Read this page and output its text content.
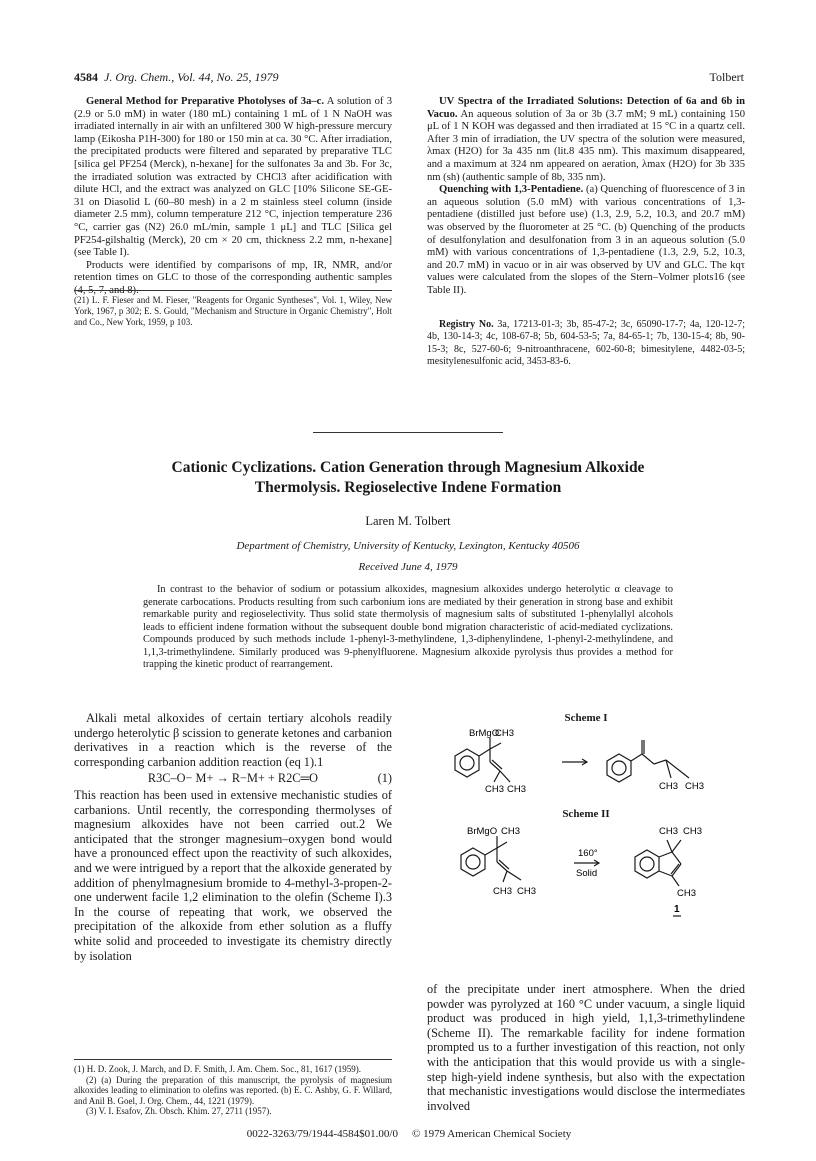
4584 J. Org. Chem., Vol. 44, No. 25, 1979	Tolbert

General Method for Preparative Photolyses of 3a–c. A solution of 3 (2.9 or 5.0 mM) in water (180 mL) containing 1 mL of 1 N NaOH was irradiated internally in air with an unfiltered 300 W high-pressure mercury lamp (Eikosha P1H-300) for 180 or 150 min at ca. 30 °C. After irradiation, the precipitated products were filtered and separated by preparative TLC [silica gel PF254 (Merck), n-hexane] for the sulfonates 3a and 3b. For 3c, the irradiated solution was extracted by CHCl3 after acidification with dilute HCl, and the extract was analyzed on GLC [10% Silicone SE-GE-31 on Diasolid L (60–80 mesh) in a 2 m stainless steel column (inside diameter 2.5 mm), column temperature 212 °C, injection temperature 236 °C, carrier gas (N2) 26.0 mL/min, sample 1 μL] and TLC [Silica gel PF254-gilshaltig (Merck), 20 cm × 20 cm, thickness 2.2 mm, n-hexane] (see Table I).

Products were identified by comparisons of mp, IR, NMR, and/or retention times on GLC to those of the corresponding authentic samples (4, 5, 7, and 8).

(21) L. F. Fieser and M. Fieser, "Reagents for Organic Syntheses", Vol. 1, Wiley, New York, 1967, p 302; E. S. Gould, "Mechanism and Structure in Organic Chemistry", Holt and Co., New York, 1959, p 103.

UV Spectra of the Irradiated Solutions: Detection of 6a and 6b in Vacuo. An aqueous solution of 3a or 3b (3.7 mM; 9 mL) containing 150 μL of 1 N KOH was degassed and then irradiated at 15 °C in a quartz cell. After 3 min of irradiation, the UV spectra of the solution were measured, λmax (H2O) for 3a 435 nm (lit.8 435 nm). This maximum disappeared, and a maximum at 324 nm appeared on aeration, λmax (H2O) for 3b 335 nm (sh) (authentic sample of 8b, 335 nm).

Quenching with 1,3-Pentadiene. (a) Quenching of fluorescence of 3 in an aqueous solution (5.0 mM) with various concentrations of 1,3-pentadiene (distilled just before use) (1.3, 2.9, 5.2, 10.3, and 20.7 mM) was observed by the fluorometer at 25 °C. (b) Quenching of the products of desulfonylation and desulfonation from 3 in an aqueous solution (5.0 mM) with various concentrations of 1,3-pentadiene (1.3, 2.9, 5.2, 10.3, and 20.7 mM) in vacuo or in air was observed by UV and GLC. The kqτ values were calculated from the slopes of the Stern–Volmer plots16 (see Table II).

Registry No. 3a, 17213-01-3; 3b, 85-47-2; 3c, 65090-17-7; 4a, 120-12-7; 4b, 130-14-3; 4c, 108-67-8; 5b, 604-53-5; 7a, 84-65-1; 7b, 130-15-4; 8b, 90-15-3; 8c, 527-60-6; 9-nitroanthracene, 602-60-8; bimesitylene, 4482-03-5; mesitylenesulfonic acid, 3453-83-6.
Cationic Cyclizations. Cation Generation through Magnesium Alkoxide
Thermolysis. Regioselective Indene Formation
Laren M. Tolbert
Department of Chemistry, University of Kentucky, Lexington, Kentucky 40506
Received June 4, 1979
In contrast to the behavior of sodium or potassium alkoxides, magnesium alkoxides undergo heterolytic α cleavage to generate carbocations. Products resulting from such carbonium ions are mediated by their generation in strong base and exhibit remarkable purity and regioselectivity. Thus solid state thermolysis of magnesium salts of substituted 1-phenylallyl alcohols leads to efficient indene formation without the subsequent double bond migration characteristic of acid-mediated cyclizations. Compounds produced by such methods include 1-phenyl-3-methylindene, 1,3-diphenylindene, 1-phenyl-2-methylindene, and 1,1,3-trimethylindene. Similarly produced was 9-phenylfluorene. Magnesium alkoxide pyrolysis thus provides a method for trapping the kinetic product of rearrangement.

Alkali metal alkoxides of certain tertiary alcohols readily undergo heterolytic β scission to generate ketones and carbanion derivatives in a reaction which is the reverse of the corresponding carbanion addition reaction (eq 1).1

R3C–O− M+ → R−M+ + R2C═O	(1)

This reaction has been used in extensive mechanistic studies of carbanions. Until recently, the corresponding thermolyses of magnesium alkoxides have not been carried out.2 We anticipated that the stronger magnesium–oxygen bond would have a pronounced effect upon the reactivity of such alkoxides, and we were intrigued by a report that the alkoxide generated by addition of phenylmagnesium bromide to 4-methyl-3-propen-2-one underwent facile 1,2 elimination to the olefin (Scheme I).3 In the course of repeating that work, we observed the precipitation of the alkoxide from ether solution as a fluffy white solid and proceeded to investigate its chemistry directly by isolation

(1) H. D. Zook, J. March, and D. F. Smith, J. Am. Chem. Soc., 81, 1617 (1959).
(2) (a) During the preparation of this manuscript, the pyrolysis of magnesium alkoxides leading to elimination to olefins was reported. (b) E. C. Ashby, G. F. Willard, and Anil B. Goel, J. Org. Chem., 44, 1221 (1979).
(3) V. I. Esafov, Zh. Obsch. Khim. 27, 2711 (1957).
Scheme I
BrMgO
CH3
CH3 CH3	CH3 CH3
Scheme II
BrMgO CH3
CH3 CH3
160°
Solid
CH3 CH3
CH3
1
of the precipitate under inert atmosphere. When the dried powder was pyrolyzed at 160 °C under vacuum, a single liquid product was produced in high yield, 1,1,3-trimethylindene (Scheme II). The remarkable facility for indene formation prompted us to a further investigation of this reaction, not only with the anticipation that this would provide us with a single-step high-yield indene synthesis, but also with the expectation that mechanistic investigations would disclose the intermediates involved
0022-3263/79/1944-4584$01.00/0 © 1979 American Chemical Society
